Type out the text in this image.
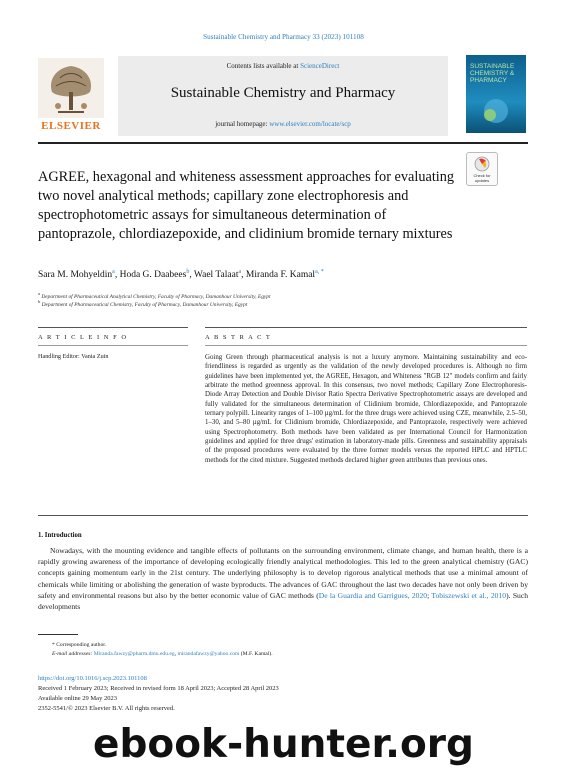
Sustainable Chemistry and Pharmacy 33 (2023) 101108
ELSEVIER
Contents lists available at ScienceDirect
Sustainable Chemistry and Pharmacy
journal homepage: www.elsevier.com/locate/scp
SUSTAINABLE CHEMISTRY & PHARMACY
AGREE, hexagonal and whiteness assessment approaches for evaluating two novel analytical methods; capillary zone electrophoresis and spectrophotometric assays for simultaneous determination of pantoprazole, chlordiazepoxide, and clidinium bromide ternary mixtures
Check for updates
Sara M. Mohyeldin$^a$, Hoda G. Daabees$^b$, Wael Talaat$^a$, Miranda F. Kamal$^{a, *}$
$^a$ Department of Pharmaceutical Analytical Chemistry, Faculty of Pharmacy, Damanhour University, Egypt
$^b$ Department of Pharmaceutical Chemistry, Faculty of Pharmacy, Damanhour University, Egypt
A R T I C L E I N F O	A B S T R A C T
Handling Editor: Vania Zuin	Going Green through pharmaceutical analysis is not a luxury anymore. Maintaining sustainability and eco-friendliness is regarded as urgently as the validation of the newly developed procedures is. Although no firm guidelines have been implemented yet, the AGREE, Hexagon, and Whiteness "RGB 12" models confirm and fairly arbitrate the method greenness approval. In this consensus, two novel methods; Capillary Zone Electrophoresis-Diode Array Detection and Double Divisor Ratio Spectra Derivative Spectrophotometric assays are developed and fully validated for the simultaneous determination of Clidinium bromide, Chlordiazepoxide, and Pantoprazole ternary polypill. Linearity ranges of 1–100 µg/mL for the three drugs were achieved using CZE, meanwhile, 2.5–50, 1–30, and 5–80 µg/mL for Clidinium bromide, Chlordiazepoxide, and Pantoprazole, respectively were achieved using Spectrophotometry. Both methods have been validated as per International Council for Harmonization guidelines and applied for three drugs' estimation in laboratory-made pills. Greenness and sustainability appraisals of the proposed procedures were evaluated by the three former models versus the reported HPLC and HPTLC methods for the cited mixture. Suggested methods declared higher green attributes than previous ones.
1. Introduction
Nowadays, with the mounting evidence and tangible effects of pollutants on the surrounding environment, climate change, and human health, there is a rapidly growing awareness of the importance of developing ecologically friendly analytical methodologies. This led to the green analytical chemistry (GAC) concepts gaining momentum early in the 21st century. The underlying philosophy is to develop rigorous analytical methods that use a minimal amount of chemicals while limiting or abolishing the generation of waste byproducts. The advances of GAC throughout the last two decades have not only been driven by safety and environmental reasons but also by the better economic value of GAC methods (De la Guardia and Garrigues, 2020; Tobiszewski et al., 2010). Such developments
* Corresponding author.
E-mail addresses: Miranda.fawzy@pharm.dmu.edu.eg, mirandafawzy@yahoo.com (M.F. Kamal).
https://doi.org/10.1016/j.scp.2023.101108
Received 1 February 2023; Received in revised form 18 April 2023; Accepted 28 April 2023
Available online 29 May 2023
2352-5541/© 2023 Elsevier B.V. All rights reserved.
ebook-hunter.org
